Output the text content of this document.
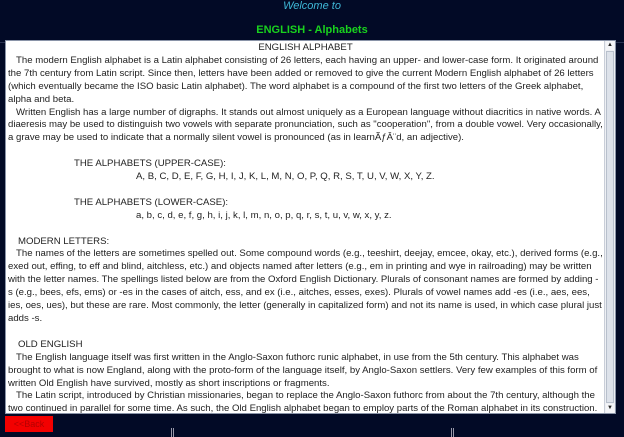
Welcome to
ENGLISH - Alphabets

ENGLISH ALPHABET

The modern English alphabet is a Latin alphabet consisting of 26 letters, each having an upper- and lower-case form. It originated around the 7th century from Latin script. Since then, letters have been added or removed to give the current Modern English alphabet of 26 letters (which eventually became the ISO basic Latin alphabet). The word alphabet is a compound of the first two letters of the Greek alphabet, alpha and beta.

Written English has a large number of digraphs. It stands out almost uniquely as a European language without diacritics in native words. A diaeresis may be used to distinguish two vowels with separate pronunciation, such as "cooperation", from a double vowel. Very occasionally, a grave may be used to indicate that a normally silent vowel is pronounced (as in learnÃƒÂ¨d, an adjective).

THE ALPHABETS (UPPER-CASE):

A, B, C, D, E, F, G, H, I, J, K, L, M, N, O, P, Q, R, S, T, U, V, W, X, Y, Z.

THE ALPHABETS (LOWER-CASE):

a, b, c, d, e, f, g, h, i, j, k, l, m, n, o, p, q, r, s, t, u, v, w, x, y, z.

MODERN LETTERS:

The names of the letters are sometimes spelled out. Some compound words (e.g., teeshirt, deejay, emcee, okay, etc.), derived forms (e.g., exed out, effing, to eff and blind, aitchless, etc.) and objects named after letters (e.g., em in printing and wye in railroading) may be written with the letter names. The spellings listed below are from the Oxford English Dictionary. Plurals of consonant names are formed by adding -s (e.g., bees, efs, ems) or -es in the cases of aitch, ess, and ex (i.e., aitches, esses, exes). Plurals of vowel names add -es (i.e., aes, ees, ies, oes, ues), but these are rare. Most commonly, the letter (generally in capitalized form) and not its name is used, in which case plural just adds -s.

OLD ENGLISH

The English language itself was first written in the Anglo-Saxon futhorc runic alphabet, in use from the 5th century. This alphabet was brought to what is now England, along with the proto-form of the language itself, by Anglo-Saxon settlers. Very few examples of this form of written Old English have survived, mostly as short inscriptions or fragments.

The Latin script, introduced by Christian missionaries, began to replace the Anglo-Saxon futhorc from about the 7th century, although the two continued in parallel for some time. As such, the Old English alphabet began to employ parts of the Roman alphabet in its construction.

▲
▼
<<Back
